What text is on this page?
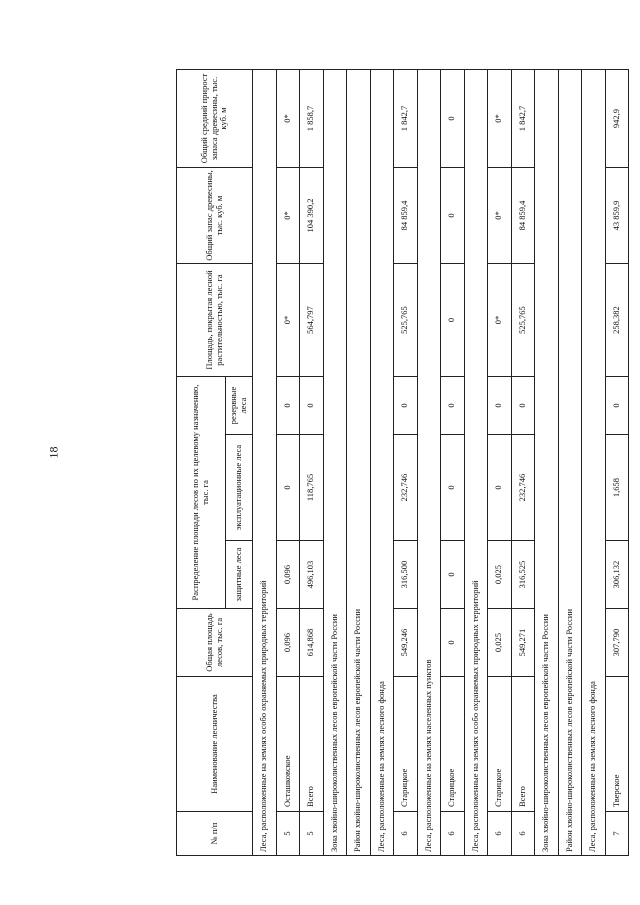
18
№ п/п	Наименование лесничества	Общая площадь лесов, тыс. га	Распределение площади лесов по их целевому назначению, тыс. га			Площадь, покрытая лесной растительностью, тыс. га	Общий запас древесины, тыс. куб. м	Общий средний прирост запаса древесины, тыс. куб. м
			защитные леса	эксплуатационные леса	резервные леса			
Леса, расположенные на землях особо охраняемых природных территорий								
5	Осташковское	0,096	0,096	0	0	0*	0*	0*
5	Всего	614,868	496,103	118,765	0	564,797	104 390,2	1 858,7
Зона хвойно-широколиственных лесов европейской части России								
Район хвойно-широколиственных лесов европейской части России								
Леса, расположенные на землях лесного фонда								
6	Старицкое	549,246	316,500	232,746	0	525,765	84 859,4	1 842,7
Леса, расположенные на землях населенных пунктов								
6	Старицкое	0	0	0	0	0	0	0
Леса, расположенные на землях особо охраняемых природных территорий								
6	Старицкое	0,025	0,025	0	0	0*	0*	0*
6	Всего	549,271	316,525	232,746	0	525,765	84 859,4	1 842,7
Зона хвойно-широколиственных лесов европейской части России								
Район хвойно-широколиственных лесов европейской части России								
Леса, расположенные на землях лесного фонда								
7	Тверское	307,790	306,132	1,658	0	258,382	43 859,9	942,9
